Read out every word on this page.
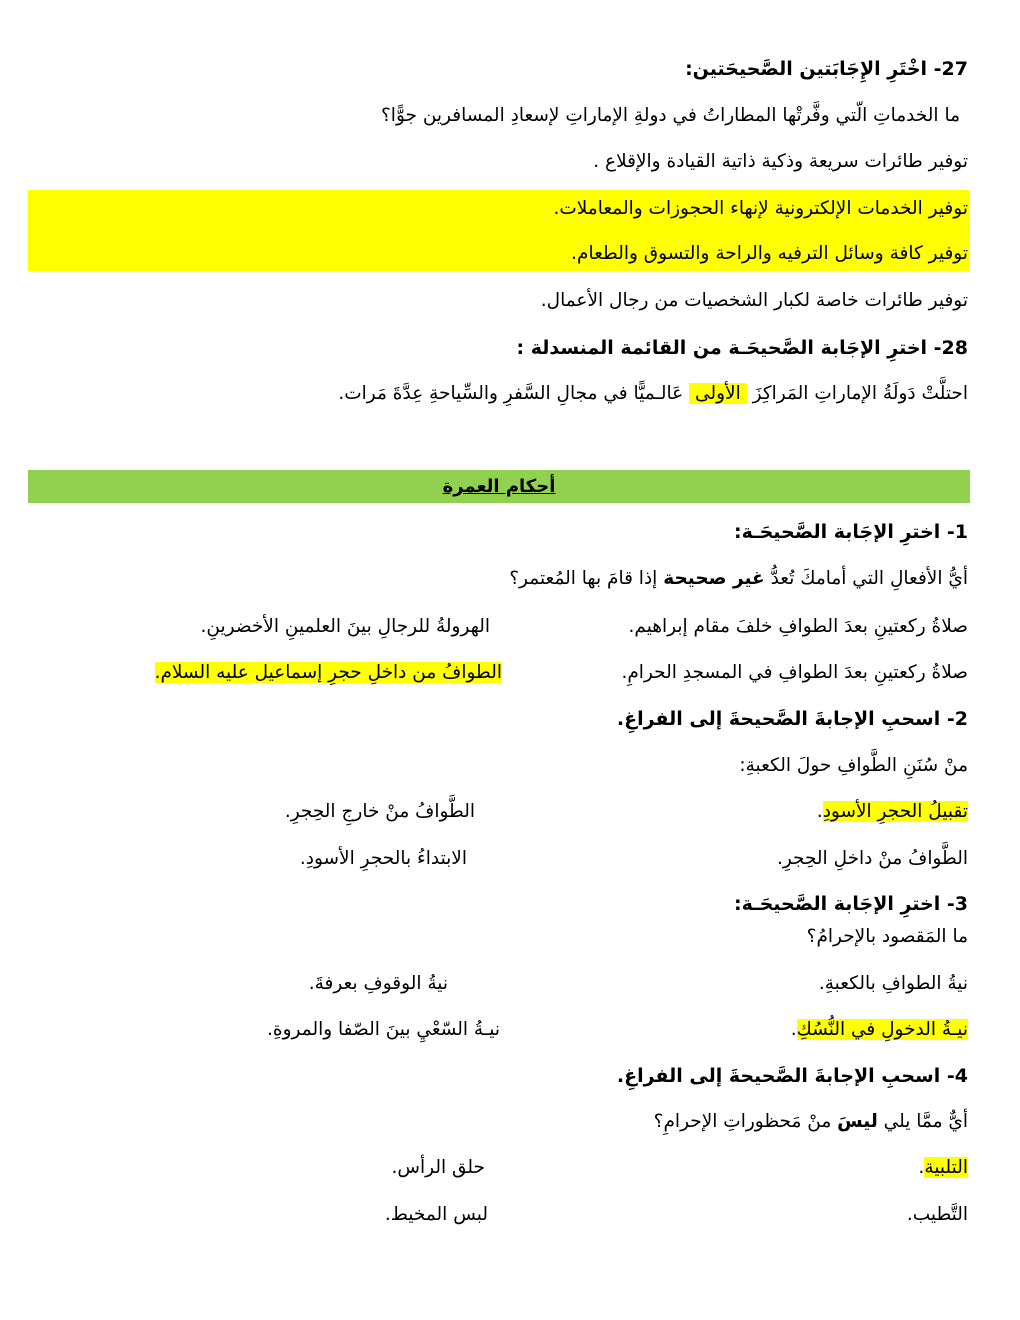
27- اخْتَرِ الإِجَابَتين الصَّحيحَتين:
ما الخدماتِ الّتي وفَّرتْها المطاراتُ في دولةِ الإماراتِ لإسعادِ المسافرين جوًّا؟
توفير طائرات سريعة وذكية ذاتية القيادة والإقلاع .
توفير الخدمات الإلكترونية لإنهاء الحجوزات والمعاملات.
توفير كافة وسائل الترفيه والراحة والتسوق والطعام.
توفير طائرات خاصة لكبار الشخصيات من رجال الأعمال.
28- اخترِ الإجَابة الصَّحيحَـة من القائمة المنسدلة :
احتلَّتْ دَولَةُ الإماراتِ المَراكِزَ الأولى عَالـميًّا في مجالِ السَّفرِ والسِّياحةِ عِدَّةَ مَرات.
أحكام العمرة
1- اخترِ الإجَابة الصَّحيحَـة:
أيُّ الأفعالِ التي أمامكَ تُعدُّ غير صحيحة إذا قامَ بها المُعتمر؟
صلاةُ ركعتينِ بعدَ الطوافِ خلفَ مقام إبراهيم.
الهرولةُ للرجالِ بينَ العلمينِ الأخضرينِ.
صلاةُ ركعتينِ بعدَ الطوافِ في المسجدِ الحرامِ.
الطوافُ من داخلِ حجرِ إسماعيل عليه السلام.
2- اسحبِ الإجابةَ الصَّحيحةَ إلى الفراغِ.
منْ سُنَنِ الطَّوافِ حولَ الكعبةِ:
تقبيلُ الحجرِ الأسودِ.
الطَّوافُ منْ خارجِ الحِجرِ.
الطَّوافُ منْ داخلِ الحِجرِ.
الابتداءُ بالحجرِ الأسودِ.
3- اخترِ الإجَابة الصَّحيحَـة:
ما المَقصود بالإحرامُ؟
نيةُ الطوافِ بالكعبةِ.
نيةُ الوقوفِ بعرفةَ.
نيـةُ الدخولِ في النُّسُكِ.
نيـةُ السّعْيِ بينَ الصّفا والمروةِ.
4- اسحبِ الإجابةَ الصَّحيحةَ إلى الفراغِ.
أيٌّ ممَّا يلي ليسَ منْ مَحظوراتِ الإحرامِ؟
التلبية.
حلق الرأس.
التَّطيب.
لبس المخيط.
